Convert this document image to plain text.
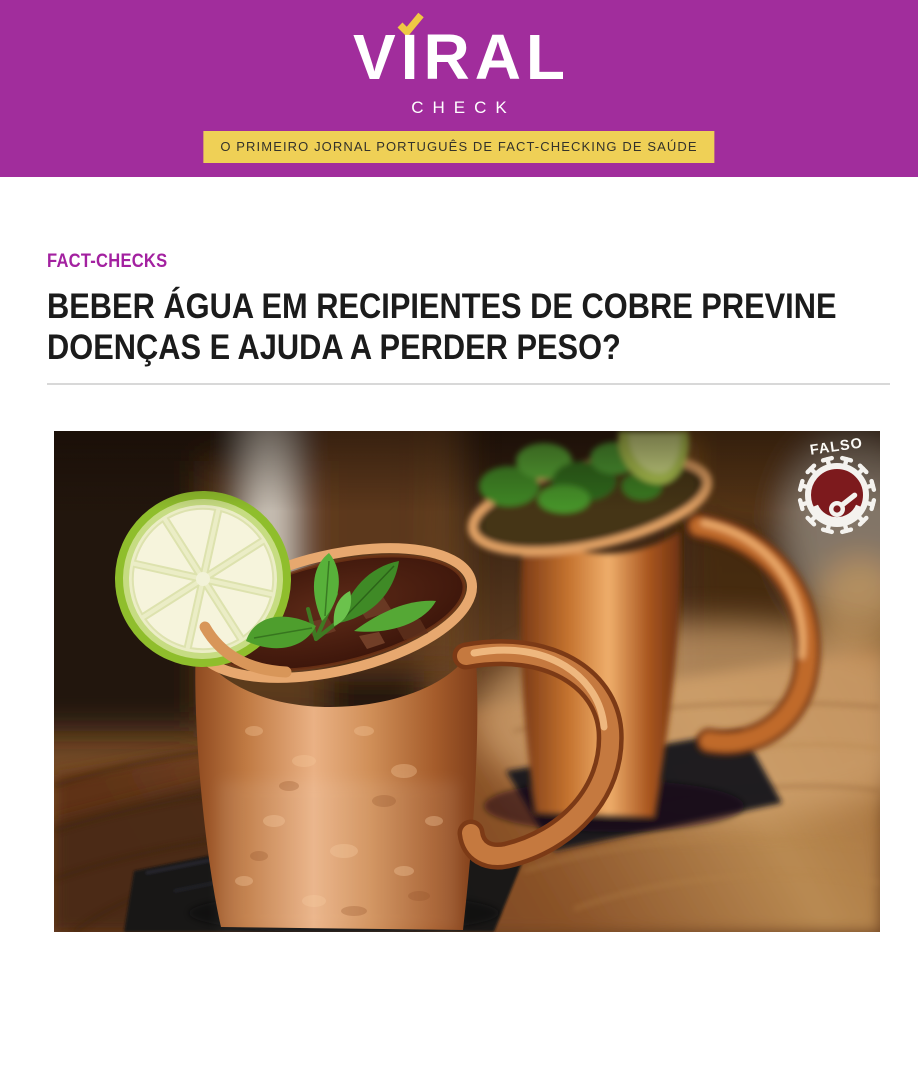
VIRAL
CHECK
O PRIMEIRO JORNAL PORTUGUÊS DE FACT-CHECKING DE SAÚDE
FACT-CHECKS
BEBER ÁGUA EM RECIPIENTES DE COBRE PREVINE
DOENÇAS E AJUDA A PERDER PESO?
FALSO
